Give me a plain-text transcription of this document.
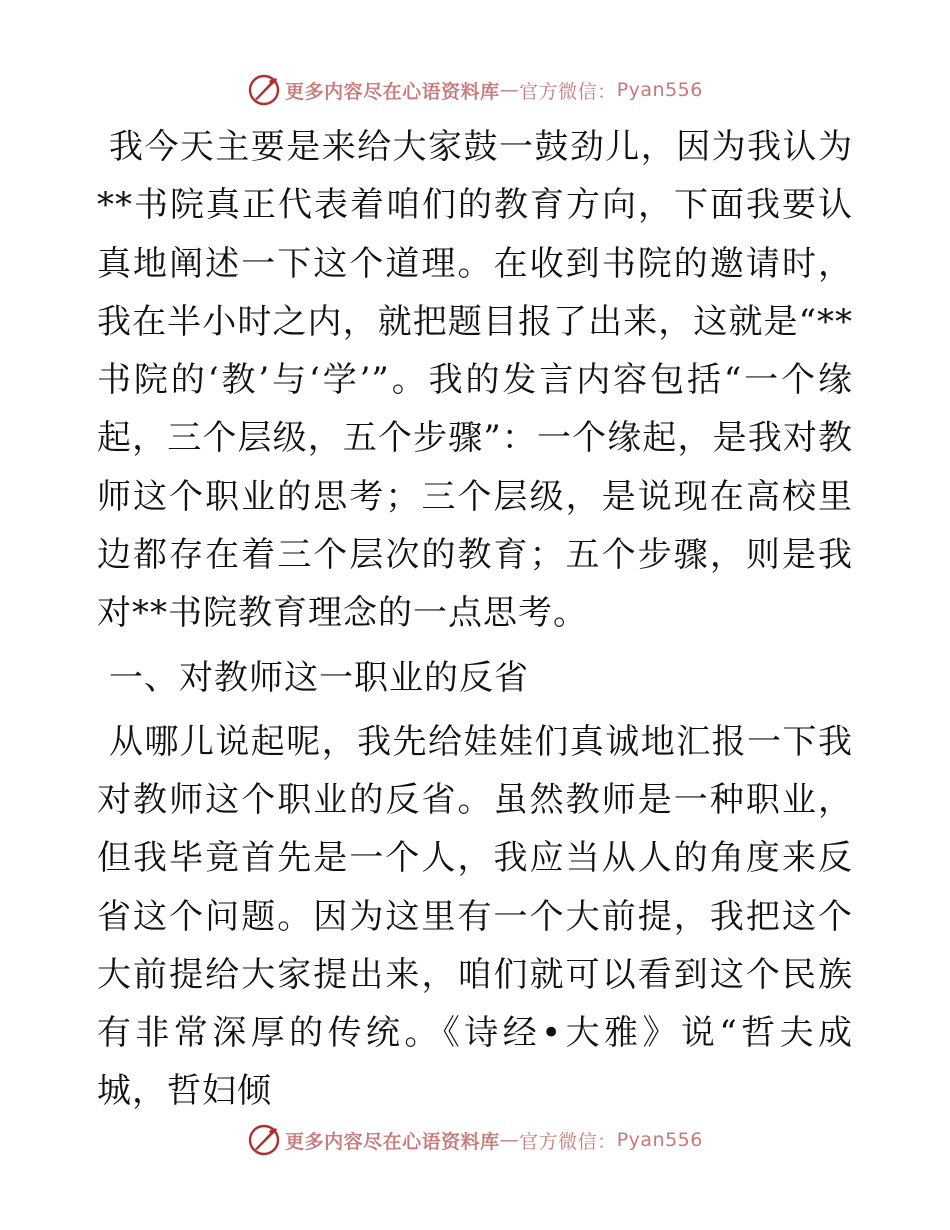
更多内容尽在心语资料库 — 官方微信： Pyan556

我今天主要是来给大家鼓一鼓劲儿，因为我认为**书院真正代表着咱们的教育方向，下面我要认真地阐述一下这个道理。在收到书院的邀请时，我在半小时之内，就把题目报了出来，这就是“**书院的‘教’与‘学’”。我的发言内容包括“一个缘起，三个层级，五个步骤”：一个缘起，是我对教师这个职业的思考；三个层级，是说现在高校里边都存在着三个层次的教育；五个步骤，则是我对**书院教育理念的一点思考。

一、对教师这一职业的反省

从哪儿说起呢，我先给娃娃们真诚地汇报一下我对教师这个职业的反省。虽然教师是一种职业，但我毕竟首先是一个人，我应当从人的角度来反省这个问题。因为这里有一个大前提，我把这个大前提给大家提出来，咱们就可以看到这个民族有非常深厚的传统。《诗经•大雅》说“哲夫成城，哲妇倾

更多内容尽在心语资料库 — 官方微信： Pyan556
